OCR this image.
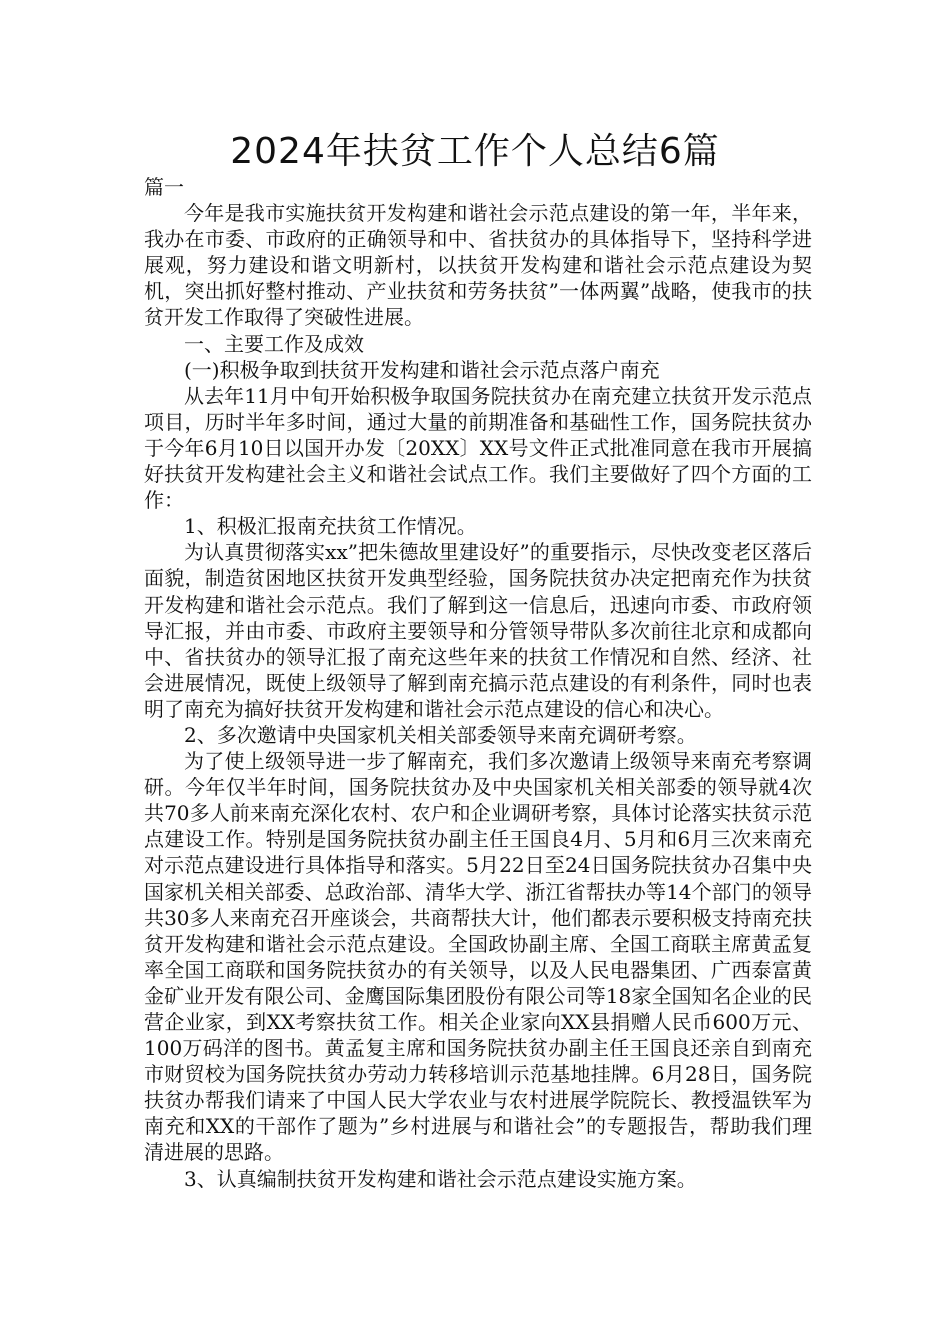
2024年扶贫工作个人总结6篇

篇一

今年是我市实施扶贫开发构建和谐社会示范点建设的第一年，半年来，我办在市委、市政府的正确领导和中、省扶贫办的具体指导下，坚持科学进展观，努力建设和谐文明新村，以扶贫开发构建和谐社会示范点建设为契机，突出抓好整村推动、产业扶贫和劳务扶贫”一体两翼”战略，使我市的扶贫开发工作取得了突破性进展。

一、主要工作及成效

(一)积极争取到扶贫开发构建和谐社会示范点落户南充

从去年11月中旬开始积极争取国务院扶贫办在南充建立扶贫开发示范点项目，历时半年多时间，通过大量的前期准备和基础性工作，国务院扶贫办于今年6月10日以国开办发〔20XX〕XX号文件正式批准同意在我市开展搞好扶贫开发构建社会主义和谐社会试点工作。我们主要做好了四个方面的工作：

1、积极汇报南充扶贫工作情况。

为认真贯彻落实xx”把朱德故里建设好”的重要指示，尽快改变老区落后面貌，制造贫困地区扶贫开发典型经验，国务院扶贫办决定把南充作为扶贫开发构建和谐社会示范点。我们了解到这一信息后，迅速向市委、市政府领导汇报，并由市委、市政府主要领导和分管领导带队多次前往北京和成都向中、省扶贫办的领导汇报了南充这些年来的扶贫工作情况和自然、经济、社会进展情况，既使上级领导了解到南充搞示范点建设的有利条件，同时也表明了南充为搞好扶贫开发构建和谐社会示范点建设的信心和决心。

2、多次邀请中央国家机关相关部委领导来南充调研考察。

为了使上级领导进一步了解南充，我们多次邀请上级领导来南充考察调研。今年仅半年时间，国务院扶贫办及中央国家机关相关部委的领导就4次共70多人前来南充深化农村、农户和企业调研考察，具体讨论落实扶贫示范点建设工作。特别是国务院扶贫办副主任王国良4月、5月和6月三次来南充对示范点建设进行具体指导和落实。5月22日至24日国务院扶贫办召集中央国家机关相关部委、总政治部、清华大学、浙江省帮扶办等14个部门的领导共30多人来南充召开座谈会，共商帮扶大计，他们都表示要积极支持南充扶贫开发构建和谐社会示范点建设。全国政协副主席、全国工商联主席黄孟复率全国工商联和国务院扶贫办的有关领导，以及人民电器集团、广西泰富黄金矿业开发有限公司、金鹰国际集团股份有限公司等18家全国知名企业的民营企业家，到XX考察扶贫工作。相关企业家向XX县捐赠人民币600万元、100万码洋的图书。黄孟复主席和国务院扶贫办副主任王国良还亲自到南充市财贸校为国务院扶贫办劳动力转移培训示范基地挂牌。6月28日，国务院扶贫办帮我们请来了中国人民大学农业与农村进展学院院长、教授温铁军为南充和XX的干部作了题为”乡村进展与和谐社会”的专题报告，帮助我们理清进展的思路。

3、认真编制扶贫开发构建和谐社会示范点建设实施方案。
